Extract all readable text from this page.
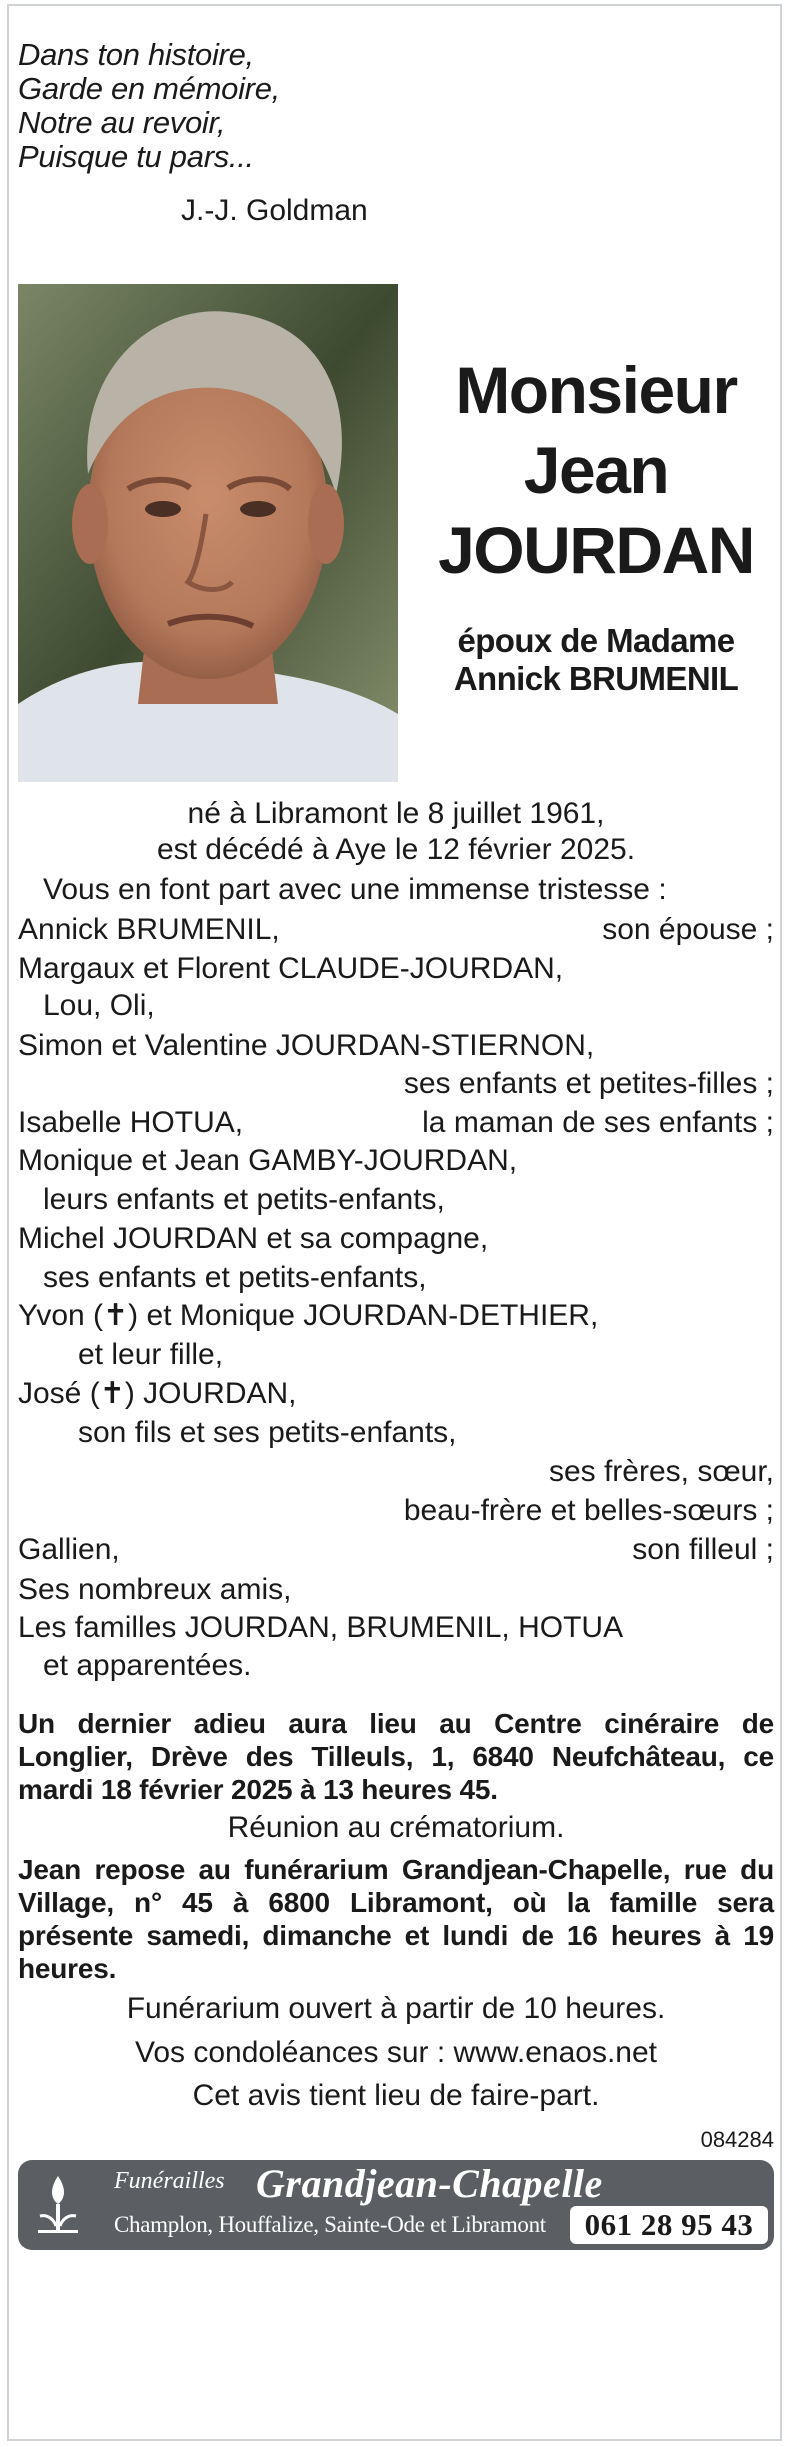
Dans ton histoire,
Garde en mémoire,
Notre au revoir,
Puisque tu pars...
J.-J. Goldman
Monsieur
Jean
JOURDAN
époux de Madame
Annick BRUMENIL
né à Libramont le 8 juillet 1961,
est décédé à Aye le 12 février 2025.
Vous en font part avec une immense tristesse :
Annick BRUMENIL,	son épouse ;
Margaux et Florent CLAUDE-JOURDAN,
Lou, Oli,
Simon et Valentine JOURDAN-STIERNON,
ses enfants et petites-filles ;
Isabelle HOTUA,	la maman de ses enfants ;
Monique et Jean GAMBY-JOURDAN,
leurs enfants et petits-enfants,
Michel JOURDAN et sa compagne,
ses enfants et petits-enfants,
Yvon (✝) et Monique JOURDAN-DETHIER,
et leur fille,
José (✝) JOURDAN,
son fils et ses petits-enfants,
ses frères, sœur,
beau-frère et belles-sœurs ;
Gallien,	son filleul ;
Ses nombreux amis,
Les familles JOURDAN, BRUMENIL, HOTUA
et apparentées.
Un dernier adieu aura lieu au Centre cinéraire de Longlier, Drève des Tilleuls, 1, 6840 Neufchâteau, ce mardi 18 février 2025 à 13 heures 45.
Réunion au crématorium.
Jean repose au funérarium Grandjean-Chapelle, rue du Village, n° 45 à 6800 Libramont, où la famille sera présente samedi, dimanche et lundi de 16 heures à 19 heures.
Funérarium ouvert à partir de 10 heures.
Vos condoléances sur : www.enaos.net
Cet avis tient lieu de faire-part.
084284
Funérailles Grandjean-Chapelle
Champlon, Houffalize, Sainte-Ode et Libramont	061 28 95 43
